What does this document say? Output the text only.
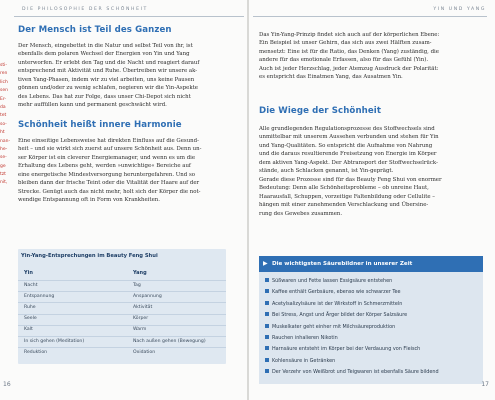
DIE PHILOSOPHIE DER SCHÖNHEIT
sti-
ren
lich
sen
Er-
da
tet
so-
ht
nan-
he-
se-
ge
tzt
nit,
Der Mensch ist Teil des Ganzen
Der Mensch, eingebettet in die Natur und selbst Teil von ihr, ist
ebenfalls dem polaren Wechsel der Energien von Yin und Yang
unterworfen. Er erlebt den Tag und die Nacht und reagiert darauf
entsprechend mit Aktivität und Ruhe. Übertreiben wir unsere ak-
tiven Yang-Phasen, indem wir zu viel arbeiten, uns keine Pausen
gönnen und/oder zu wenig schlafen, negieren wir die Yin-Aspekte
des Lebens. Das hat zur Folge, dass unser Chi-Depot sich nicht
mehr auffüllen kann und permanent geschwächt wird.
Schönheit heißt innere Harmonie
Eine einseitige Lebensweise hat direkten Einfluss auf die Gesund-
heit – und sie wirkt sich zuerst auf unsere Schönheit aus. Denn un-
ser Körper ist ein cleverer Energiemanager, und wenn es um die
Erhaltung des Lebens geht, werden »unwichtige« Bereiche auf
eine energetische Mindestversorgung heruntergefahren. Und so
bleiben dann der frische Teint oder die Vitalität der Haare auf der
Strecke. Genügt auch das nicht mehr, holt sich der Körper die not-
wendige Entspannung oft in Form von Krankheiten.
Yin-Yang-Entsprechungen im Beauty Feng Shui
Yin	Yang
Nacht	Tag
Entspannung	Anspannung
Ruhe	Aktivität
Seele	Körper
Kalt	Warm
In sich gehen (Meditation)	Nach außen gehen (Bewegung)
Reduktion	Oxidation
16
YIN UND YANG
Das Yin-Yang-Prinzip findet sich auch auf der körperlichen Ebene:
Ein Beispiel ist unser Gehirn, das sich aus zwei Hälften zusam-
mensetzt: Eine ist für die Ratio, das Denken (Yang) zuständig, die
andere für das emotionale Erfassen, also für das Gefühl (Yin).
Auch ist jeder Herzschlag, jeder Atemzug Ausdruck der Polarität:
es entspricht das Einatmen Yang, das Ausatmen Yin.
Die Wiege der Schönheit
Alle grundlegenden Regulationsprozesse des Stoffwechsels sind
unmittelbar mit unserem Aussehen verbunden und stehen für Yin
und Yang-Qualitäten. So entspricht die Aufnahme von Nahrung
und die daraus resultierende Freisetzung von Energie im Körper
dem aktiven Yang-Aspekt. Der Abtransport der Stoffwechselrück-
stände, auch Schlacken genannt, ist Yin-geprägt.
Gerade diese Prozesse sind für das Beauty Feng Shui von enormer
Bedeutung: Denn alle Schönheitsprobleme – ob unreine Haut,
Haarausfall, Schuppen, vorzeitige Faltenbildung oder Cellulite –
hängen mit einer zunehmenden Verschlackung und Übersine-
rung des Gewebes zusammen.
▶ Die wichtigsten Säurebildner in unserer Zeit
Süßwaren und Fette lassen Essigsäure entstehen
Kaffee enthält Gerbsäure, ebenso wie schwarzer Tee
Acetylsalizylsäure ist der Wirkstoff in Schmerzmitteln
Bei Stress, Angst und Ärger bildet der Körper Salzsäure
Muskelkater geht einher mit Milchsäureproduktion
Rauchen inhalieren Nikotin
Harnsäure entsteht im Körper bei der Verdauung von Fleisch
Kohlensäure in Getränken
Der Verzehr von Weißbrot und Teigwaren ist ebenfalls Säure bildend
17
